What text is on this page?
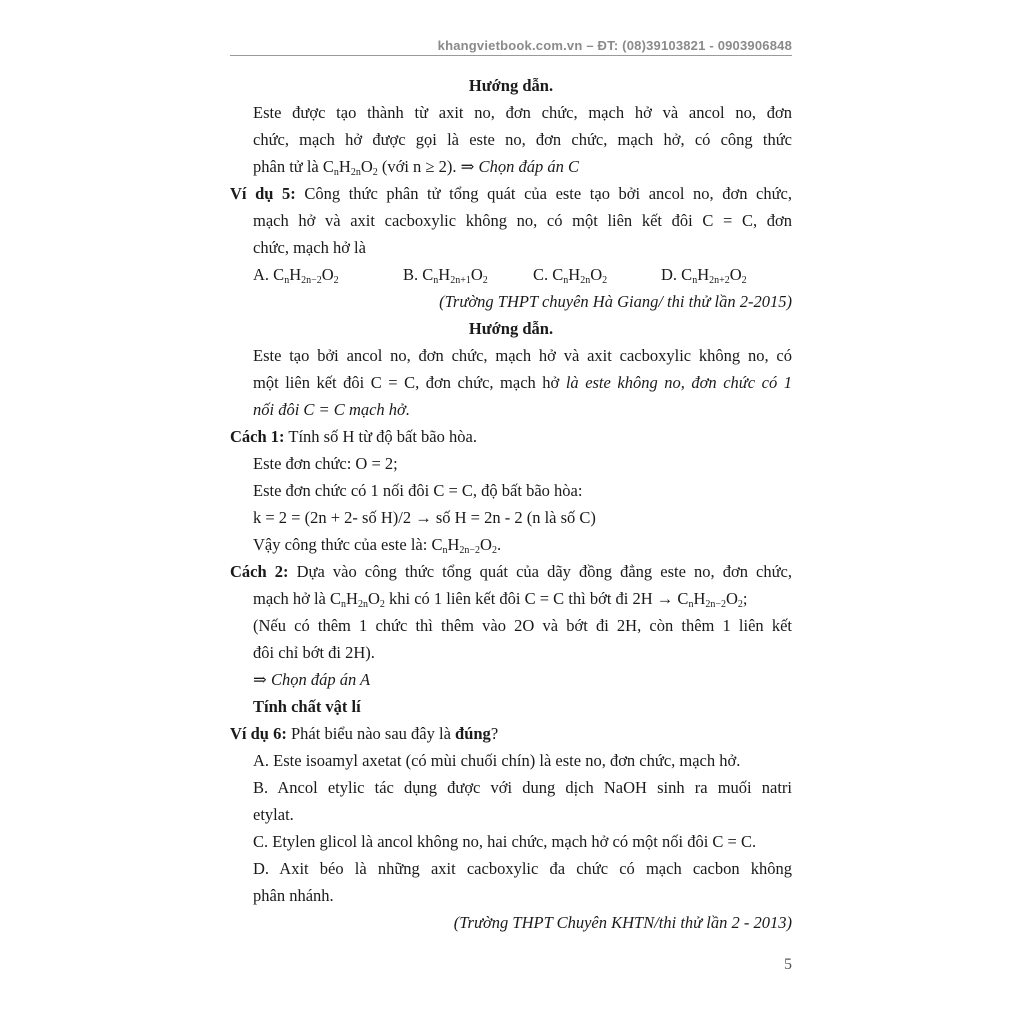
khangvietbook.com.vn – ĐT: (08)39103821 - 0903906848
Hướng dẫn.
Este được tạo thành từ axit no, đơn chức, mạch hở và ancol no, đơn
chức, mạch hở được gọi là este no, đơn chức, mạch hở, có công thức
phân tử là $C_nH_{2n}O_2$ (với n ≥ 2). ⇒ Chọn đáp án C
Ví dụ 5: Công thức phân tử tổng quát của este tạo bởi ancol no, đơn chức,
mạch hở và axit cacboxylic không no, có một liên kết đôi C = C, đơn
chức, mạch hở là
A. $C_nH_{2n-2}O_2$	B. $C_nH_{2n+1}O_2$	C. $C_nH_{2n}O_2$	D. $C_nH_{2n+2}O_2$
(Trường THPT chuyên Hà Giang/ thi thử lần 2-2015)
Hướng dẫn.
Este tạo bởi ancol no, đơn chức, mạch hở và axit cacboxylic không no, có
một liên kết đôi C = C, đơn chức, mạch hở là este không no, đơn chức có 1
nối đôi C = C mạch hở.
Cách 1: Tính số H từ độ bất bão hòa.
Este đơn chức: O = 2;
Este đơn chức có 1 nối đôi C = C, độ bất bão hòa:
k = 2 = (2n + 2- số H)/2 → số H = 2n - 2 (n là số C)
Vậy công thức của este là: $C_nH_{2n-2}O_2$.
Cách 2: Dựa vào công thức tổng quát của dãy đồng đẳng este no, đơn chức,
mạch hở là $C_nH_{2n}O_2$ khi có 1 liên kết đôi C = C thì bớt đi $2H \to C_nH_{2n-2}O_2$;
(Nếu có thêm 1 chức thì thêm vào 2O và bớt đi 2H, còn thêm 1 liên kết
đôi chỉ bớt đi 2H).
⇒ Chọn đáp án A
Tính chất vật lí
Ví dụ 6: Phát biểu nào sau đây là đúng?
A. Este isoamyl axetat (có mùi chuối chín) là este no, đơn chức, mạch hở.
B. Ancol etylic tác dụng được với dung dịch NaOH sinh ra muối natri
etylat.
C. Etylen glicol là ancol không no, hai chức, mạch hở có một nối đôi C = C.
D. Axit béo là những axit cacboxylic đa chức có mạch cacbon không
phân nhánh.
(Trường THPT Chuyên KHTN/thi thử lần 2 - 2013)
5
